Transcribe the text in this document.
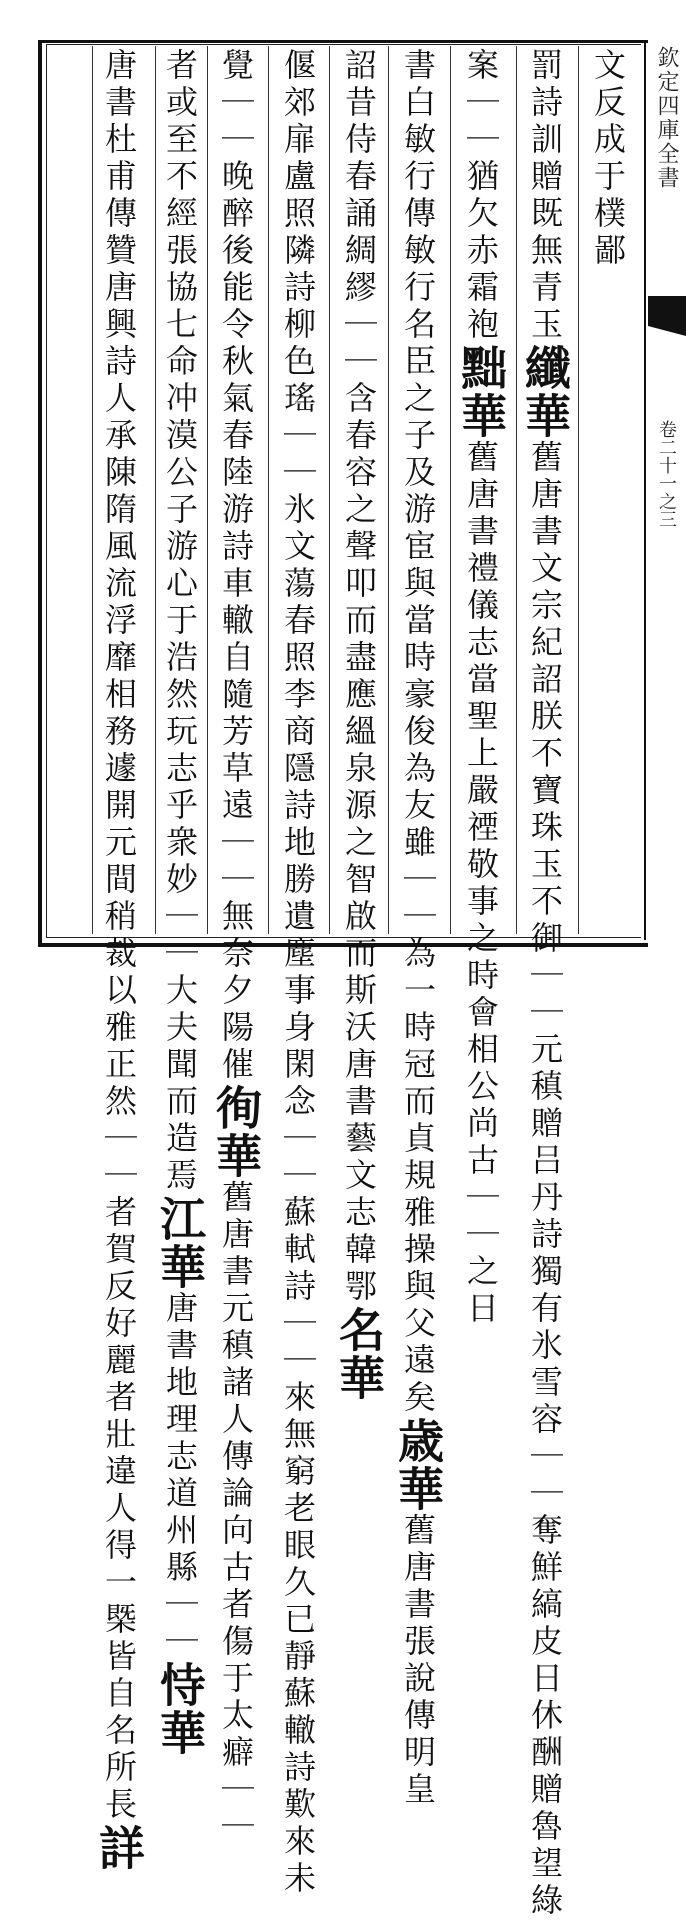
欽定四庫全書
卷二十一之三
文反成于樸鄙
罰詩訓贈既無青玉纖華舊唐書文宗紀詔朕不寶珠玉不御｜｜元稹贈吕丹詩獨有氷雪容｜｜奪鮮縞皮日休酬贈魯望綠
案｜｜猶欠赤霜袍黜華舊唐書禮儀志當聖上嚴禋敬事之時會相公尚古｜｜之日
書白敏行傳敏行名臣之子及游宦與當時豪俊為友雖｜｜為一時冠而貞規雅操與父遠矣歳華舊唐書張說傳明皇
詔昔侍春誦綢繆｜｜含春容之聲叩而盡應縕泉源之智啟而斯沃唐書藝文志韓鄂名華
偃郊扉盧照隣詩柳色瑤｜｜氷文蕩春照李商隱詩地勝遺塵事身閑念｜｜蘇軾詩｜｜來無窮老眼久已靜蘇轍詩歎來未
覺｜｜晚醉後能令秋氣春陸游詩車轍自隨芳草遠｜｜無奈夕陽催徇華舊唐書元稹諸人傳論向古者傷于太癖｜｜
者或至不經張協七命冲漠公子游心于浩然玩志乎衆妙｜｜大夫聞而造焉江華唐書地理志道州縣｜｜恃華
唐書杜甫傳贊唐興詩人承陳隋風流浮靡相務遽開元間稍裁以雅正然｜｜者賀反好麗者壯違人得一槩皆自名所長詳
